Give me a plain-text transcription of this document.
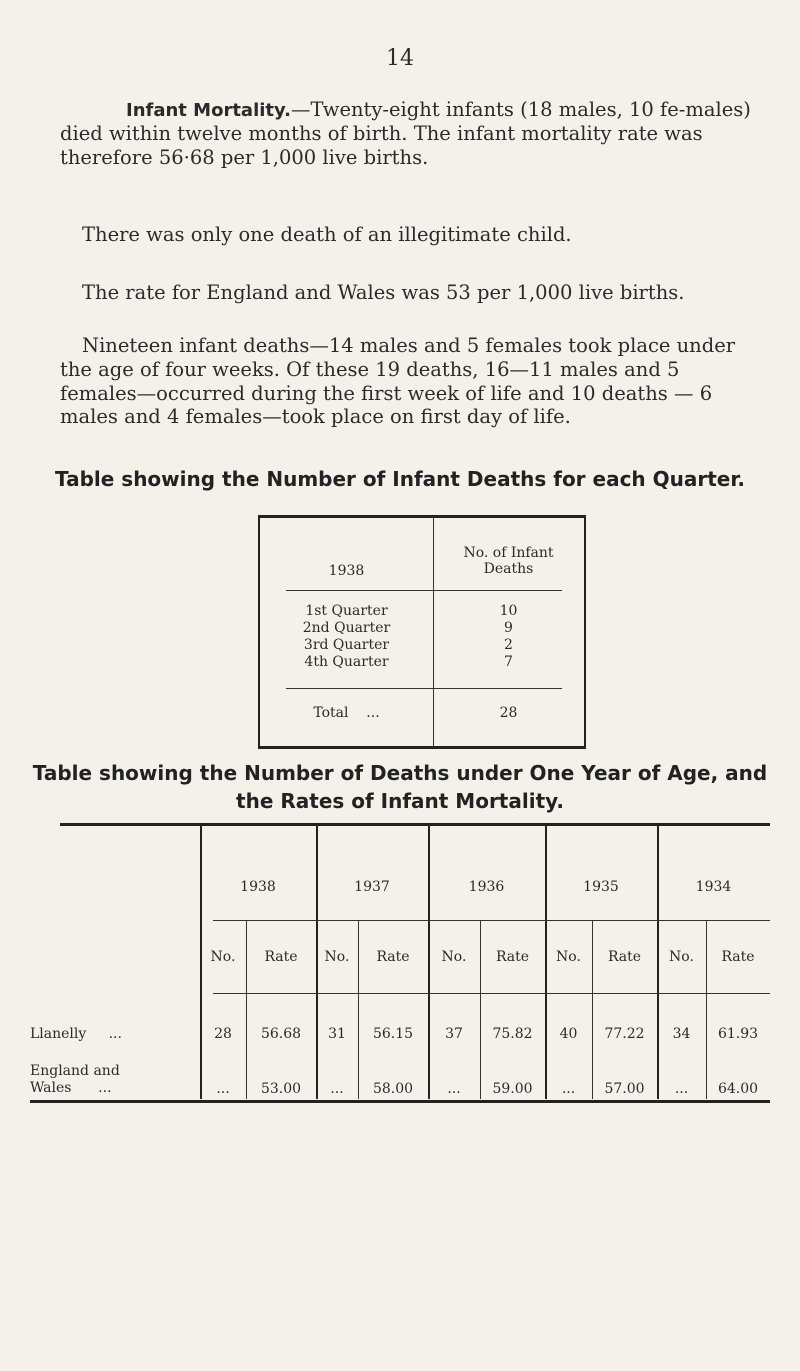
14
Infant Mortality.—Twenty-eight infants (18 males, 10 fe-males) died within twelve months of birth. The infant mortality rate was therefore 56·68 per 1,000 live births.
There was only one death of an illegitimate child.
The rate for England and Wales was 53 per 1,000 live births.
Nineteen infant deaths—14 males and 5 females took place under the age of four weeks. Of these 19 deaths, 16—11 males and 5 females—occurred during the first week of life and 10 deaths — 6 males and 4 females—took place on first day of life.
Table showing the Number of Infant Deaths for each Quarter.
1938
No. of Infant Deaths
1st Quarter	10
2nd Quarter	9
3rd Quarter	2
4th Quarter	7
Total ...	28
Table showing the Number of Deaths under One Year of Age, and the Rates of Infant Mortality.
1938	1937	1936	1935	1934
No.	Rate	No.	Rate	No.	Rate	No.	Rate	No.	Rate
Llanelly ...	28	56.68	31	56.15	37	75.82	40	77.22	34	61.93
England and
Wales ...	...	53.00	...	58.00	...	59.00	...	57.00	...	64.00
